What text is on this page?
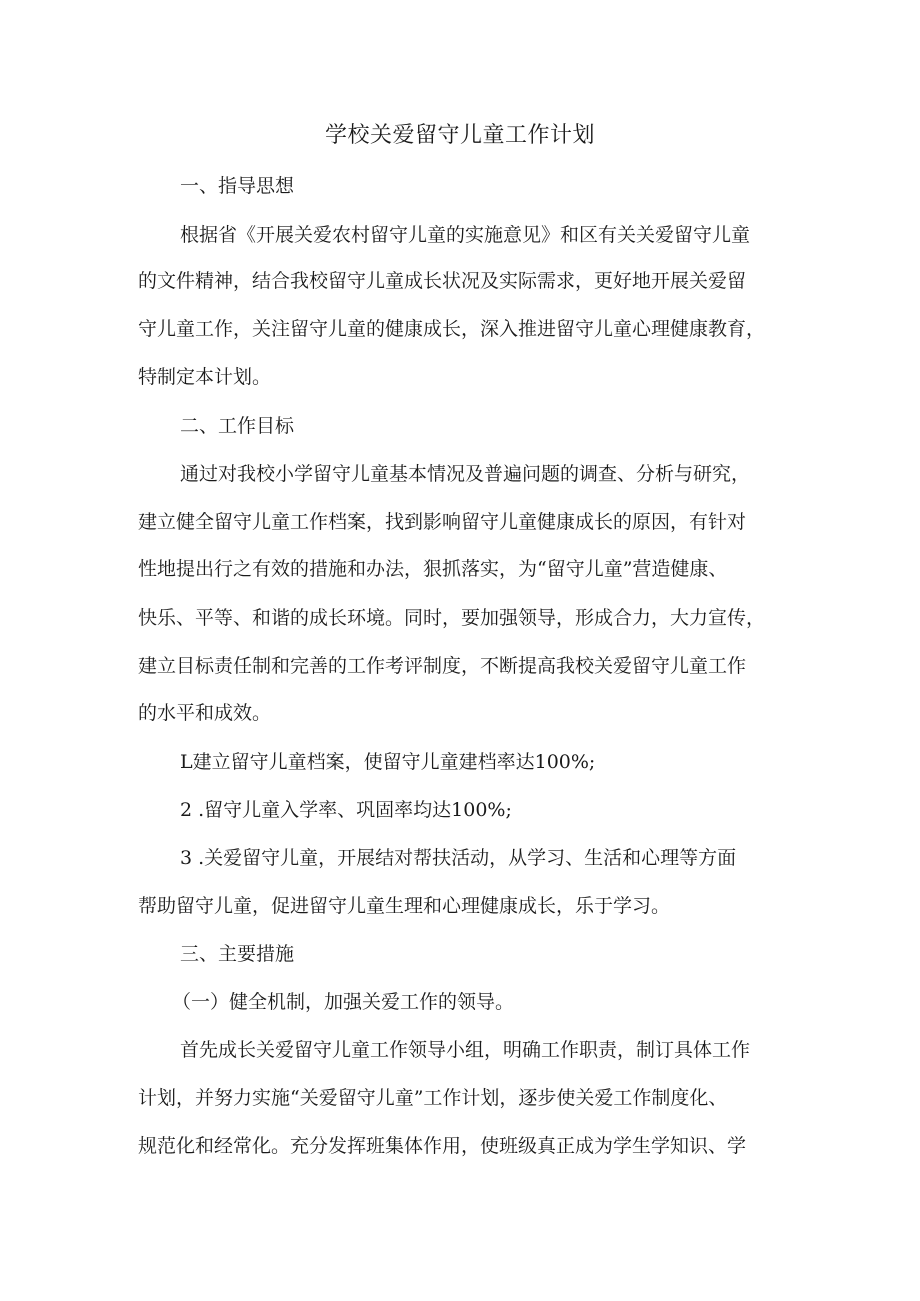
学校关爱留守儿童工作计划

一、指导思想

根据省《开展关爱农村留守儿童的实施意见》和区有关关爱留守儿童

的文件精神，结合我校留守儿童成长状况及实际需求，更好地开展关爱留

守儿童工作，关注留守儿童的健康成长，深入推进留守儿童心理健康教育，

特制定本计划。

二、工作目标

通过对我校小学留守儿童基本情况及普遍问题的调查、分析与研究，

建立健全留守儿童工作档案，找到影响留守儿童健康成长的原因，有针对

性地提出行之有效的措施和办法，狠抓落实，为“留守儿童”营造健康、

快乐、平等、和谐的成长环境。同时，要加强领导，形成合力，大力宣传，

建立目标责任制和完善的工作考评制度，不断提高我校关爱留守儿童工作

的水平和成效。

L建立留守儿童档案，使留守儿童建档率达100%;

2 .留守儿童入学率、巩固率均达100%;

3 .关爱留守儿童，开展结对帮扶活动，从学习、生活和心理等方面

帮助留守儿童，促进留守儿童生理和心理健康成长，乐于学习。

三、主要措施

（一）健全机制，加强关爱工作的领导。

首先成长关爱留守儿童工作领导小组，明确工作职责，制订具体工作

计划，并努力实施“关爱留守儿童”工作计划，逐步使关爱工作制度化、

规范化和经常化。充分发挥班集体作用，使班级真正成为学生学知识、学
